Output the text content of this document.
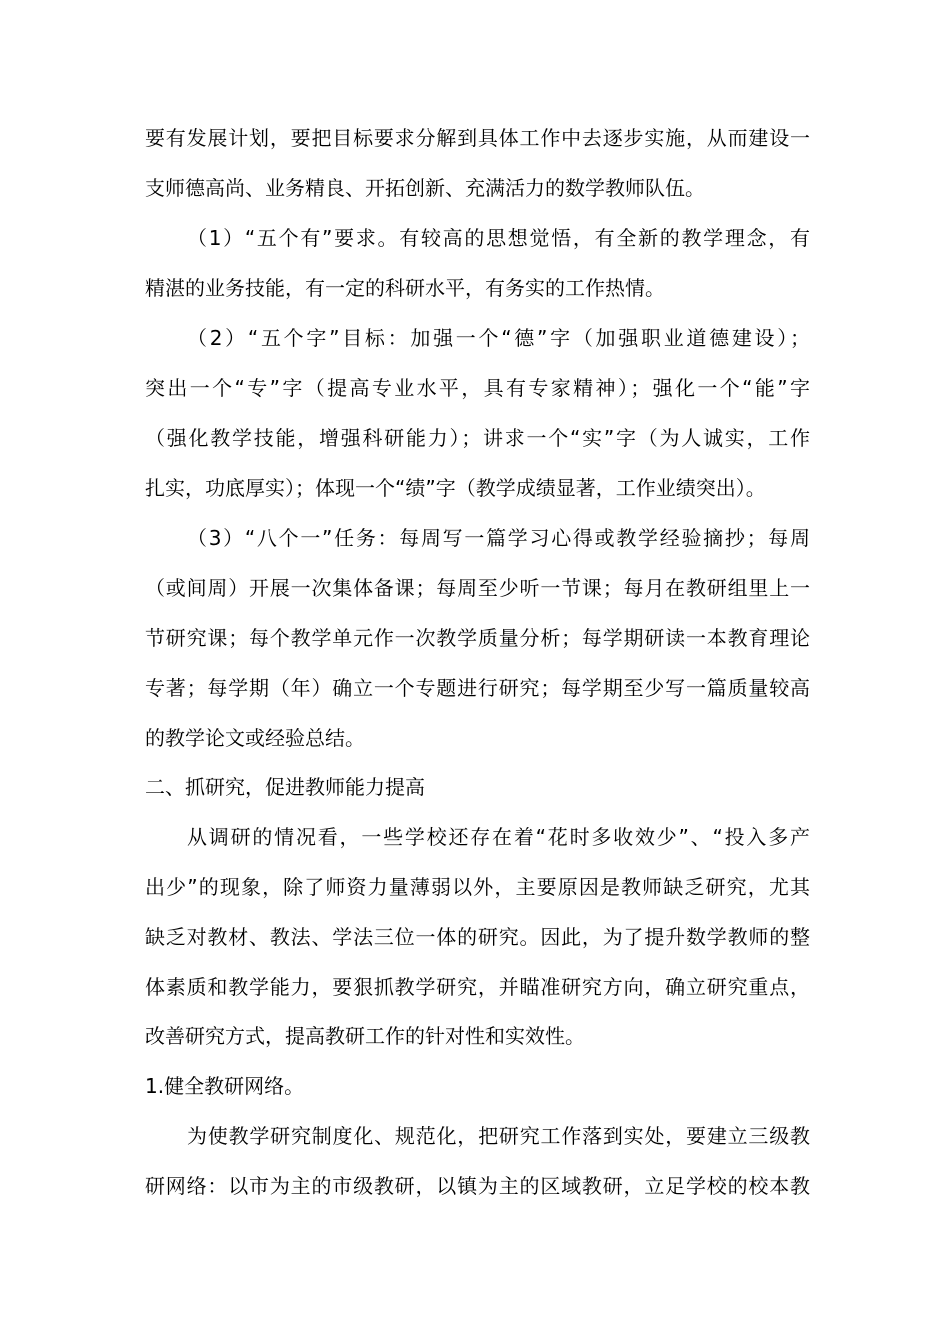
要有发展计划，要把目标要求分解到具体工作中去逐步实施，从而建设一
支师德高尚、业务精良、开拓创新、充满活力的数学教师队伍。
（1）“五个有”要求。有较高的思想觉悟，有全新的教学理念，有
精湛的业务技能，有一定的科研水平，有务实的工作热情。
（2）“五个字”目标：加强一个“德”字（加强职业道德建设）；
突出一个“专”字（提高专业水平，具有专家精神）；强化一个“能”字
（强化教学技能，增强科研能力）；讲求一个“实”字（为人诚实，工作
扎实，功底厚实）；体现一个“绩”字（教学成绩显著，工作业绩突出）。
（3）“八个一”任务：每周写一篇学习心得或教学经验摘抄；每周
（或间周）开展一次集体备课；每周至少听一节课；每月在教研组里上一
节研究课；每个教学单元作一次教学质量分析；每学期研读一本教育理论
专著；每学期（年）确立一个专题进行研究；每学期至少写一篇质量较高
的教学论文或经验总结。
二、抓研究，促进教师能力提高
从调研的情况看，一些学校还存在着“花时多收效少”、“投入多产
出少”的现象，除了师资力量薄弱以外，主要原因是教师缺乏研究，尤其
缺乏对教材、教法、学法三位一体的研究。因此，为了提升数学教师的整
体素质和教学能力，要狠抓教学研究，并瞄准研究方向，确立研究重点，
改善研究方式，提高教研工作的针对性和实效性。
1.健全教研网络。
为使教学研究制度化、规范化，把研究工作落到实处，要建立三级教
研网络：以市为主的市级教研，以镇为主的区域教研，立足学校的校本教
